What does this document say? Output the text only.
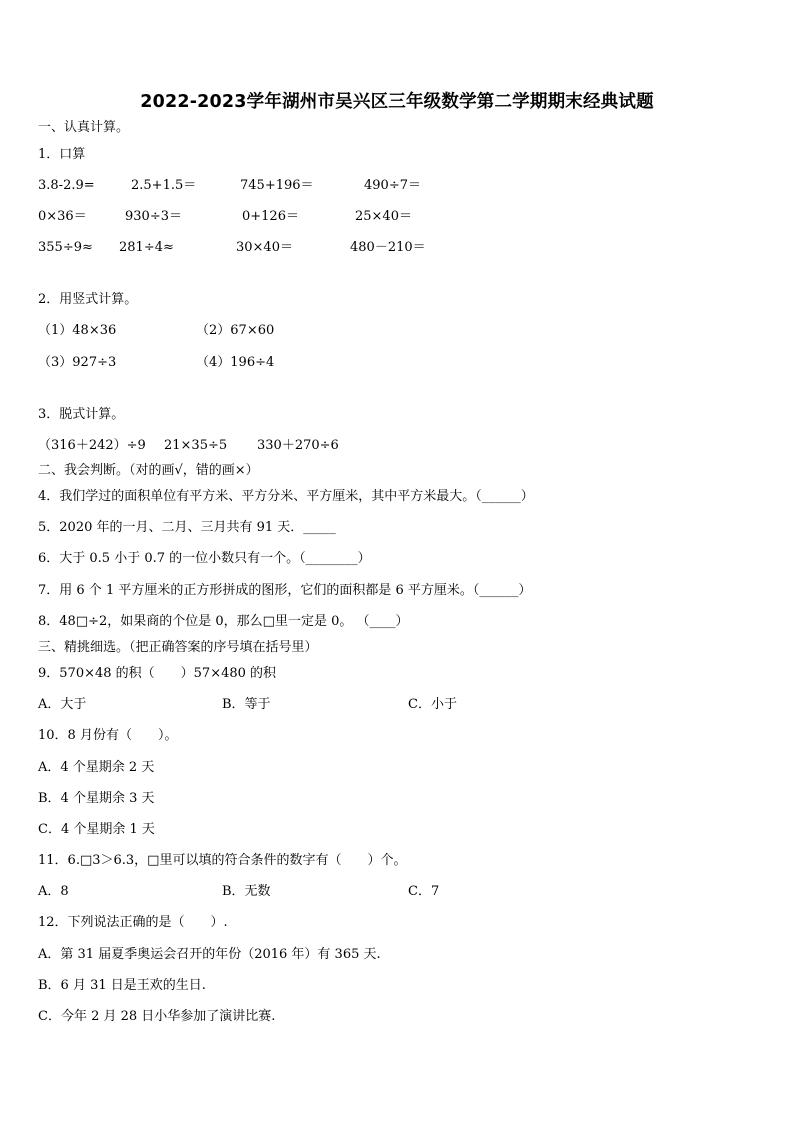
2022-2023学年湖州市吴兴区三年级数学第二学期期末经典试题
一、认真计算。
1．口算
3.8-2.9=	2.5+1.5＝	745+196＝	490÷7＝
0×36＝	930÷3＝	0+126＝	25×40＝
355÷9≈ 281÷4≈	30×40＝	480－210＝
2．用竖式计算。
（1）48×36	（2）67×60
（3）927÷3	（4）196÷4
3．脱式计算。
（316＋242）÷9 21×35÷5 330＋270÷6
二、我会判断。（对的画√，错的画×）
4．我们学过的面积单位有平方米、平方分米、平方厘米，其中平方米最大。（______）
5．2020 年的一月、二月、三月共有 91 天．_____
6．大于 0.5 小于 0.7 的一位小数只有一个。（________）
7．用 6 个 1 平方厘米的正方形拼成的图形，它们的面积都是 6 平方厘米。（______）
8．48□÷2，如果商的个位是 0，那么□里一定是 0。 （____）
三、精挑细选。（把正确答案的序号填在括号里）
9．570×48 的积（　　）57×480 的积
A．大于	B．等于	C．小于
10．8 月份有（　　）。
A．4 个星期余 2 天
B．4 个星期余 3 天
C．4 个星期余 1 天
11．6.□3＞6.3，□里可以填的符合条件的数字有（　　）个。
A．8	B．无数	C．7
12．下列说法正确的是（　　）.
A．第 31 届夏季奥运会召开的年份（2016 年）有 365 天.
B．6 月 31 日是王欢的生日.
C．今年 2 月 28 日小华参加了演讲比赛.
